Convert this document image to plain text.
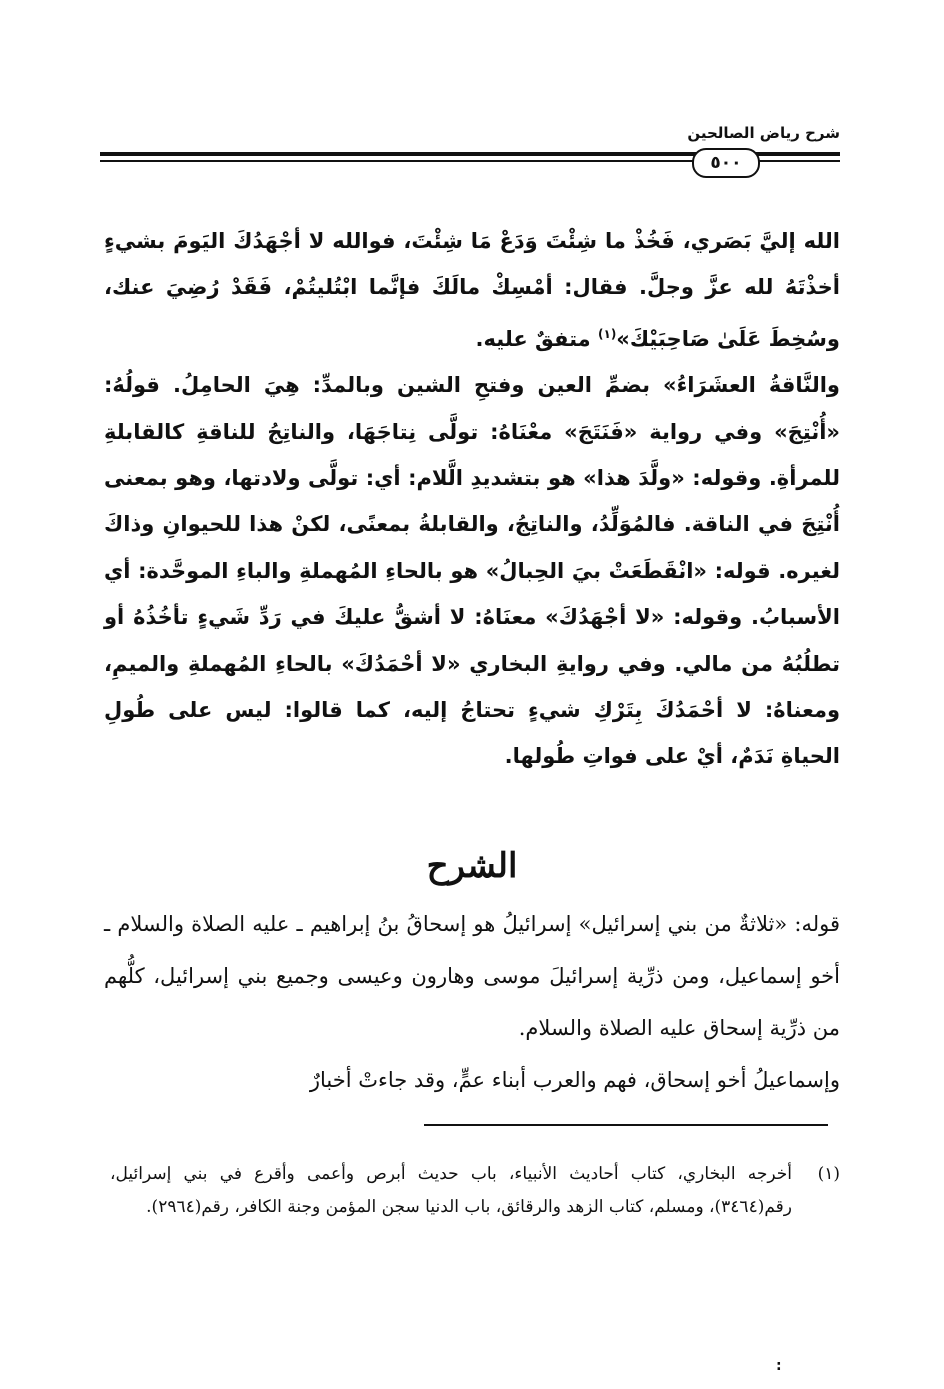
شرح رياض الصالحين
٥٠٠

الله إليَّ بَصَري، فَخُذْ ما شِئْتَ وَدَعْ مَا شِئْتَ، فوالله لا أجْهَدُكَ اليَومَ بشيءٍ أخذْتَهُ لله عزَّ وجلَّ. فقال: أمْسِكْ مالَكَ فإنَّما ابْتُليتُمْ، فَقَدْ رُضِيَ عنك، وسُخِطَ عَلَىٰ صَاحِبَيْكَ»$^{(١)}$ متفقٌ عليه.

والنَّاقةُ العشَرَاءُ» بضمِّ العين وفتحِ الشين وبالمدِّ: هِيَ الحامِلُ. قولُهُ: «أُنْتِجَ» وفي رواية «فَنَتَجَ» معْنَاهُ: تولَّى نِتاجَهَا، والناتِجُ للناقةِ كالقابلةِ للمرأةِ. وقوله: «ولَّدَ هذا» هو بتشديدِ الَّلام: أي: تولَّى ولادتها، وهو بمعنى أُنْتِجَ في الناقة. فالمُوَلِّدُ، والناتِجُ، والقابلةُ بمعنًى، لكنْ هذا للحيوانِ وذاكَ لغيره. قوله: «انْقَطَعَتْ بيَ الحِبالُ» هو بالحاءِ المُهملةِ والباءِ الموحَّدة: أي الأسبابُ. وقوله: «لا أجْهَدُكَ» معنَاهُ: لا أشقُّ عليكَ في رَدِّ شَيءٍ تأخُذُهُ أو تطلُبُهُ من مالي. وفي روايةِ البخاري «لا أحْمَدُكَ» بالحاءِ المُهملةِ والميمِ، ومعناهُ: لا أحْمَدُكَ بِتَرْكِ شيءٍ تحتاجُ إليه، كما قالوا: ليس على طُولِ الحياةِ نَدَمٌ، أيْ على فواتِ طُولها.

الشرح

قوله: «ثلاثةٌ من بني إسرائيل» إسرائيلُ هو إسحاقُ بنُ إبراهيم ـ عليه الصلاة والسلام ـ أخو إسماعيل، ومن ذرِّية إسرائيلَ موسى وهارون وعيسى وجميع بني إسرائيل، كلُّهم من ذرِّية إسحاق عليه الصلاة والسلام.

وإسماعيلُ أخو إسحاق، فهم والعرب أبناء عمٍّ، وقد جاءتْ أخبارٌ

(١)
أخرجه البخاري، كتاب أحاديث الأنبياء، باب حديث أبرص وأعمى وأقرع في بني إسرائيل، رقم(٣٤٦٤)، ومسلم، كتاب الزهد والرقائق، باب الدنيا سجن المؤمن وجنة الكافر، رقم(٢٩٦٤).
:
